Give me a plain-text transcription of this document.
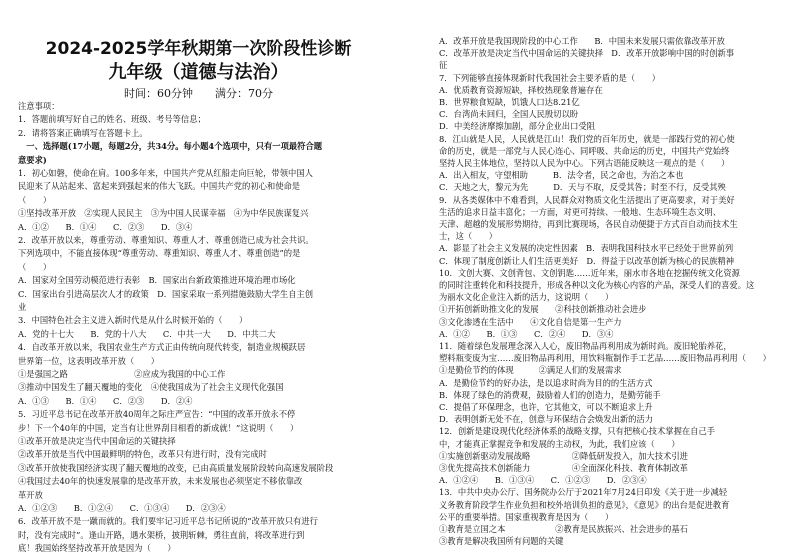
2024-2025学年秋期第一次阶段性诊断
九年级（道德与法治）
时间：60分钟　　满分：70分
注意事项：
1．答题前填写好自己的姓名、班级、考号等信息；
2．请将答案正确填写在答题卡上。
　一、选择题(17小题，每题2分，共34分。每小题4个选项中，只有一项最符合题
意要求)
1．初心如磐，使命在肩。100多年来，中国共产党从红船走向巨轮，带领中国人
民迎来了从站起来、富起来到强起来的伟大飞跃。中国共产党的初心和使命是
（　　）
①坚持改革开放　②实现人民民主　③为中国人民谋幸福　④为中华民族谋复兴
A．①②　　B．①④　　C．②③　　D．③④
2．改革开放以来，尊重劳动、尊重知识、尊重人才、尊重创造已成为社会共识。
下列选项中，不能直接体现“尊重劳动、尊重知识、尊重人才、尊重创造”的是
（　　）
A．国家对全国劳动模范进行表彰　B．国家出台新政策推进环境治理市场化
C．国家出台引进高层次人才的政策　D．国家采取一系列措施鼓励大学生自主创
业
3．中国特色社会主义进入新时代是从什么时候开始的（　　）
A．党的十七大　　B．党的十八大　　C．中共一大　　D．中共二大
4．自改革开放以来，我国农业生产方式正由传统向现代转变，制造业规模跃居
世界第一位，这表明改革开放（　　）
①是强国之路　　　　　　　　②应成为我国的中心工作
③推动中国发生了翻天覆地的变化　④使我国成为了社会主义现代化强国
A．①③　　B．①④　　C．②③　　D．②④
5．习近平总书记在改革开放40周年之际庄严宣告：“中国的改革开放永不停
步！下一个40年的中国，定当有让世界刮目相看的新成就！”这说明（　　）
①改革开放是决定当代中国命运的关键抉择
②改革开放是当代中国最鲜明的特色，改革只有进行时，没有完成时
③改革开放使我国经济实现了翻天覆地的改变，已由高质量发展阶段转向高速发展阶段
④我国过去40年的快速发展靠的是改革开放，未来发展也必须坚定不移依靠改
革开放
A．①②③　　B．①②④　　C．①③④　　D．②③④
6．改革开放不是一蹴而就的。我们要牢记习近平总书记所说的“改革开放只有进行
时，没有完成时”。逢山开路，遇水架桥，披荆斩棘，勇往直前，将改革进行到
底！我国始终坚持改革开放是因为（　　）
A．改革开放是我国现阶段的中心工作　　B．中国未来发展只需依靠改革开放
C．改革开放是决定当代中国命运的关键抉择　D．改革开放影响中国的时创新事
征
7．下列能够直接体现新时代我国社会主要矛盾的是（　　）
A．优质教育资源短缺，择校热现象普遍存在
B．世界粮食短缺，饥饿人口达8.21亿
C．台湾尚未回归，全国人民殷切以盼
D．中美经济摩擦加剧，部分企业出口受阻
8．江山就是人民，人民就是江山！我们党的百年历史，就是一部践行党的初心使
命的历史，就是一部党与人民心连心、同呼吸、共命运的历史，中国共产党始终
坚持人民主体地位，坚持以人民为中心。下列古语能反映这一观点的是（　　）
A．出入相友，守望相助　　　B．法令者，民之命也，为治之本也
C．天地之大，黎元为先　　　D．天与不取，反受其咎；时至不行，反受其殃
9．从各类媒体中不难看到，人民群众对物质文化生活提出了更高要求，对于美好
生活的追求日益丰富化；一方面，对更可持续、一般地、生态环境生态文明、
天津、超越的发展形势期待，再到比赛现场，各民自动便捷于方式百自动而技术生
士，这（　　）
A．影显了社会主义发展的决定性因素　B．表明我国科技水平已经处于世界前列
C．体现了制度创新让人们生活更美好　D．得益于以改革创新为核心的民族精神
10．文创大赛、文创背包、文创钥匙……近年来，丽水市各地在挖掘传统文化资源
的同时注重转化和科技提升，形成各种以文化为核心内容的产品，深受人们的喜爱。这
为丽水文化企业注入新的活力，这说明（　　）
①开拓创新助推文化的发展　　②科技创新推动社会进步
③文化渗透在生活中　　④文化自信是第一生产力
A．①②　　B．①③　　C．②④　　D．③④
11．随着绿色发展理念深入人心，废旧物品再利用成为新时尚。废旧轮胎养花，
塑料瓶变废为宝……废旧物品再利用，用饮料瓶制作手工艺品……废旧物品再利用（　　）
①是勤俭节约的体现　　　②满足人们的发展需求
A．是勤俭节约的好办法，是以追求时尚为目的的生活方式
B．体现了绿色的消费观，鼓励着人们的创造力，是勤劳能手
C．提倡了环保理念，也许，它其他文，可以不断追求上升
D．表明创新无处不在，创意与环保结合会焕发出新的活力
12．创新是建设现代化经济体系的战略支撑，只有把核心技术掌握在自己手
中，才能真正掌握竞争和发展的主动权，为此，我们应该（　　）
①实施创新驱动发展战略　　　　　②降低研发投入，加大技术引进
③优先提高技术创新能力　　　　　④全面深化科技、教育体制改革
A．①②④　　B．①③④　　C．①②③　　D．②③④
13．中共中央办公厅、国务院办公厅于2021年7月24日印发《关于进一步减轻
义务教育阶段学生作业负担和校外培训负担的意见》，《意见》的出台是促进教育
公平的重要举措。国家重视教育是因为（　　）
①教育是立国之本　　　　　　②教育是民族振兴、社会进步的基石
③教育是解决我国所有问题的关键
